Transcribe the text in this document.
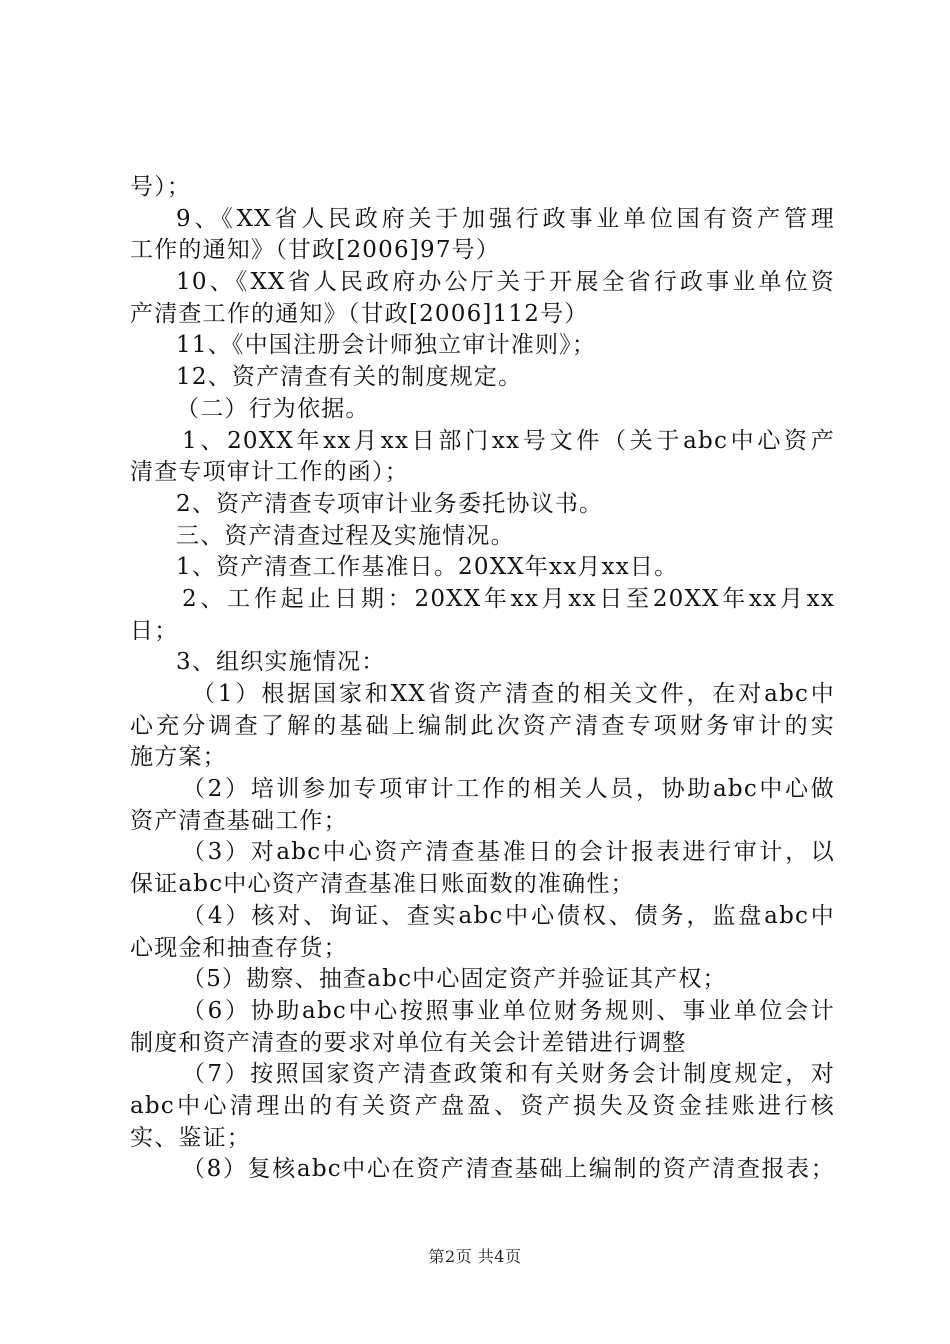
号）；
9、《XX省人民政府关于加强行政事业单位国有资产管理
工作的通知》（甘政[2006]97号）
10、《XX省人民政府办公厅关于开展全省行政事业单位资
产清查工作的通知》（甘政[2006]112号）
11、《中国注册会计师独立审计准则》；
12、资产清查有关的制度规定。
（二）行为依据。
1、20XX年xx月xx日部门xx号文件（关于abc中心资产
清查专项审计工作的函）；
2、资产清查专项审计业务委托协议书。
三、资产清查过程及实施情况。
1、资产清查工作基准日。20XX年xx月xx日。
2、工作起止日期：20XX年xx月xx日至20XX年xx月xx
日；
3、组织实施情况：
（1）根据国家和XX省资产清查的相关文件，在对abc中
心充分调查了解的基础上编制此次资产清查专项财务审计的实
施方案；
（2）培训参加专项审计工作的相关人员，协助abc中心做
资产清查基础工作；
（3）对abc中心资产清查基准日的会计报表进行审计，以
保证abc中心资产清查基准日账面数的准确性；
（4）核对、询证、查实abc中心债权、债务，监盘abc中
心现金和抽查存货；
（5）勘察、抽查abc中心固定资产并验证其产权；
（6）协助abc中心按照事业单位财务规则、事业单位会计
制度和资产清查的要求对单位有关会计差错进行调整
（7）按照国家资产清查政策和有关财务会计制度规定，对
abc中心清理出的有关资产盘盈、资产损失及资金挂账进行核
实、鉴证；
（8）复核abc中心在资产清查基础上编制的资产清查报表；
第2页 共4页
